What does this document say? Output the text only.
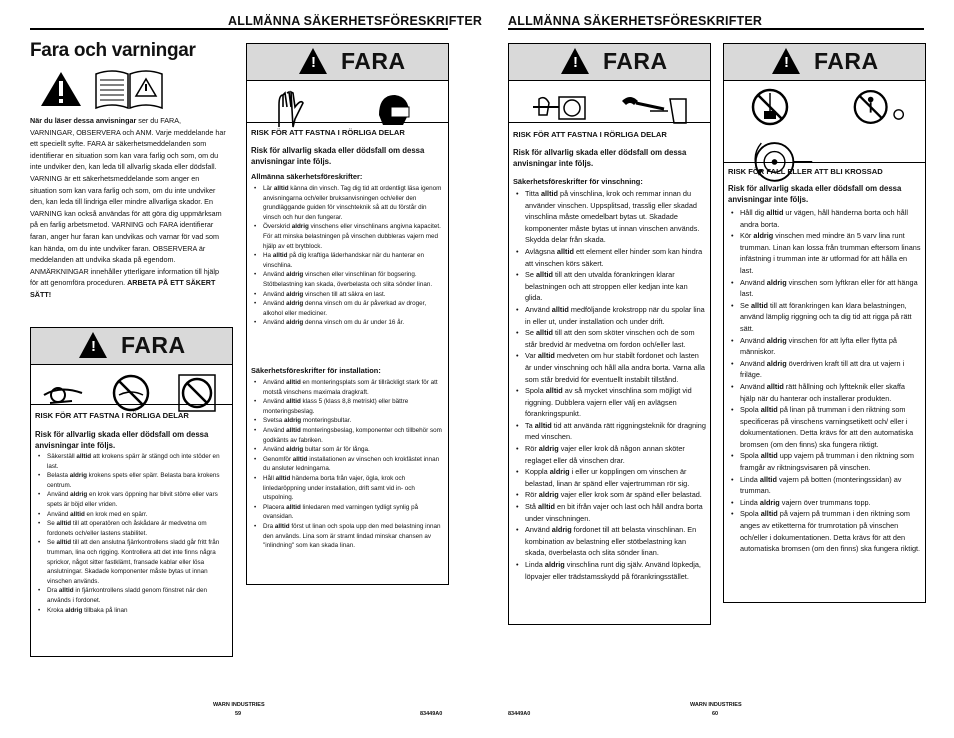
ALLMÄNNA SÄKERHETSFÖRESKRIFTER
Fara och varningar
När du läser dessa anvisningar ser du FARA, VARNINGAR, OBSERVERA och ANM. Varje meddelande har ett speciellt syfte. FARA är säkerhetsmeddelanden som identifierar en situation som kan vara farlig och som, om du inte undviker den, kan leda till allvarlig skada eller dödsfall. VARNING är ett säkerhetsmeddelande som anger en situation som kan vara farlig och som, om du inte undviker den, kan leda till lindriga eller mindre allvarliga skador. En VARNING kan också användas för att göra dig uppmärksam på en farlig arbetsmetod. VARNING och FARA identifierar faran, anger hur faran kan undvikas och varnar för vad som kan hända, om du inte undviker faran. OBSERVERA är meddelanden att undvika skada på egendom. ANMÄRKNINGAR innehåller ytterligare information till hjälp för att genomföra proceduren. ARBETA PÅ ETT SÄKERT SÄTT!
! FARA
RISK FÖR ATT FASTNA I RÖRLIGA DELAR
Risk för allvarlig skada eller dödsfall om dessa anvisningar inte följs.
• Säkerställ alltid att krokens spärr är stängd och inte stöder en last.
• Belasta aldrig krokens spets eller spärr. Belasta bara krokens centrum.
• Använd aldrig en krok vars öppning har blivit större eller vars spets är böjd eller vriden.
• Använd alltid en krok med en spärr.
• Se alltid till att operatören och åskådare är medvetna om fordonets och/eller lastens stabilitet.
• Se alltid till att den anslutna fjärrkontrollens sladd går fritt från trumman, lina och rigging. Kontrollera att det inte finns några sprickor, något sitter fastklämt, fransade kablar eller lösa anslutningar. Skadade komponenter måste bytas ut innan vinschen används.
• Dra alltid in fjärrkontrollens sladd genom fönstret när den används i fordonet.
• Kroka aldrig tillbaka på linan
! FARA
RISK FÖR ATT FASTNA I RÖRLIGA DELAR
Risk för allvarlig skada eller dödsfall om dessa anvisningar inte följs.
Allmänna säkerhetsföreskrifter:
• Lär alltid känna din vinsch. Tag dig tid att ordentligt läsa igenom anvisningarna och/eller bruksanvisningen och/eller den grundläggande guiden för vinschteknik så att du förstår din vinsch och hur den fungerar.
• Överskrid aldrig vinschens eller vinschlinans angivna kapacitet. För att minska belastningen på vinschen dubbleras vajern med hjälp av ett brytblock.
• Ha alltid på dig kraftiga läderhandskar när du hanterar en vinschlina.
• Använd aldrig vinschen eller vinschlinan för bogsering. Stötbelastning kan skada, överbelasta och slita sönder linan.
• Använd aldrig vinschen till att säkra en last.
• Använd aldrig denna vinsch om du är påverkad av droger, alkohol eller mediciner.
• Använd aldrig denna vinsch om du är under 16 år.
Säkerhetsföreskrifter för installation:
• Använd alltid en monteringsplats som är tillräckligt stark för att motstå vinschens maximala dragkraft.
• Använd alltid klass 5 (klass 8,8 metriskt) eller bättre monteringsbeslag.
• Svetsa aldrig monteringsbultar.
• Använd alltid monteringsbeslag, komponenter och tillbehör som godkänts av fabriken.
• Använd aldrig bultar som är för långa.
• Genomför alltid installationen av vinschen och krokfästet innan du ansluter ledningarna.
• Håll alltid händerna borta från vajer, ögla, krok och linledaröppning under installation, drift samt vid in- och utspolning.
• Placera alltid linledaren med varningen tydligt synlig på ovansidan.
• Dra alltid först ut linan och spola upp den med belastning innan den används. Lina som är stramt lindad minskar chansen av "inlindning" som kan skada linan.
WARN INDUSTRIES
59	83449A0
ALLMÄNNA SÄKERHETSFÖRESKRIFTER
! FARA
RISK FÖR ATT FASTNA I RÖRLIGA DELAR
Risk för allvarlig skada eller dödsfall om dessa anvisningar inte följs.
Säkerhetsföreskrifter för vinschning:
• Titta alltid på vinschlina, krok och remmar innan du använder vinschen. Uppsplitsad, trasslig eller skadad vinschlina måste omedelbart bytas ut. Skadade komponenter måste bytas ut innan vinschen används. Skydda delar från skada.
• Avlägsna alltid ett element eller hinder som kan hindra att vinschen körs säkert.
• Se alltid till att den utvalda förankringen klarar belastningen och att stroppen eller kedjan inte kan glida.
• Använd alltid medföljande krokstropp när du spolar lina in eller ut, under installation och under drift.
• Se alltid till att den som sköter vinschen och de som står bredvid är medvetna om fordon och/eller last.
• Var alltid medveten om hur stabilt fordonet och lasten är under vinschning och håll alla andra borta. Varna alla som står bredvid för eventuellt instabilt tillstånd.
• Spola alltid av så mycket vinschlina som möjligt vid riggning. Dubblera vajern eller välj en avlägsen förankringspunkt.
• Ta alltid tid att använda rätt riggningsteknik för dragning med vinschen.
• Rör aldrig vajer eller krok då någon annan sköter reglaget eller då vinschen drar.
• Koppla aldrig i eller ur kopplingen om vinschen är belastad, linan är spänd eller vajertrumman rör sig.
• Rör aldrig vajer eller krok som är spänd eller belastad.
• Stå alltid en bit ifrån vajer och last och håll andra borta under vinschningen.
• Använd aldrig fordonet till att belasta vinschlinan. En kombination av belastning eller stötbelastning kan skada, överbelasta och slita sönder linan.
• Linda aldrig vinschlina runt dig själv. Använd löpkedja, löpvajer eller trädstamsskydd på förankringsstället.
! FARA
RISK FÖR FALL ELLER ATT BLI KROSSAD
Risk för allvarlig skada eller dödsfall om dessa anvisningar inte följs.
• Håll dig alltid ur vägen, håll händerna borta och håll andra borta.
• Kör aldrig vinschen med mindre än 5 varv lina runt trumman. Linan kan lossa från trumman eftersom linans infästning i trumman inte är utformad för att hålla en last.
• Använd aldrig vinschen som lyftkran eller för att hänga last.
• Se alltid till att förankringen kan klara belastningen, använd lämplig riggning och ta dig tid att rigga på rätt sätt.
• Använd aldrig vinschen för att lyfta eller flytta på människor.
• Använd aldrig överdriven kraft till att dra ut vajern i friläge.
• Använd alltid rätt hållning och lyftteknik eller skaffa hjälp när du hanterar och installerar produkten.
• Spola alltid på linan på trumman i den riktning som specificeras på vinschens varningsetikett och/ eller i dokumentationen. Detta krävs för att den automatiska bromsen (om den finns) ska fungera riktigt.
• Spola alltid upp vajern på trumman i den riktning som framgår av riktningsvisaren på vinschen.
• Linda alltid vajern på botten (monteringssidan) av trumman.
• Linda aldrig vajern över trummans topp.
• Spola alltid på vajern på trumman i den riktning som anges av etiketterna för trumrotation på vinschen och/eller i dokumentationen. Detta krävs för att den automatiska bromsen (om den finns) ska fungera riktigt.
83449A0
WARN INDUSTRIES
60
